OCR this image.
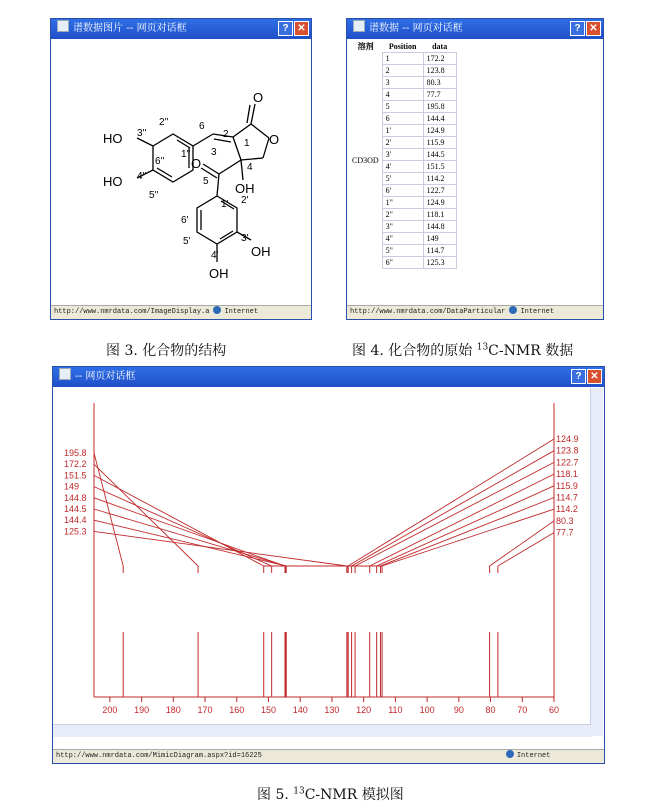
谱数据图片 -- 网页对话框	? ✕
HO
HO
O
O
OH
O
OH
OH
3''
2''	6
2
1
4
3
5
1''
6''
4''
5''
1' 2'
6'
5'	3'
4'
http://www.nmrdata.com/ImageDisplay.a Internet
谱数据 -- 网页对话框	? ✕
溶剂	Position	data
CD3OD	1	172.2
	2	123.8
	3	80.3
	4	77.7
	5	195.8
	6	144.4
	1'	124.9
	2'	115.9
	3'	144.5
	4'	151.5
	5'	114.2
	6'	122.7
	1"	124.9
	2"	118.1
	3"	144.8
	4"	149
	5"	114.7
	6"	125.3
http://www.nmrdata.com/DataParticular Internet
图 3. 化合物的结构	图 4. 化合物的原始 $^{13}$C-NMR 数据
-- 网页对话框	? ✕
200 190 180 170 160 150 140 130 120 110 100 90 80 70 60
195.8
172.2
151.5
149
144.8
144.5
144.4
125.3
124.9
123.8
122.7
118.1
115.9
114.7
114.2
80.3
77.7
http://www.nmrdata.com/MimicDiagram.aspx?id=16225	Internet
图 5. $^{13}$C-NMR 模拟图
